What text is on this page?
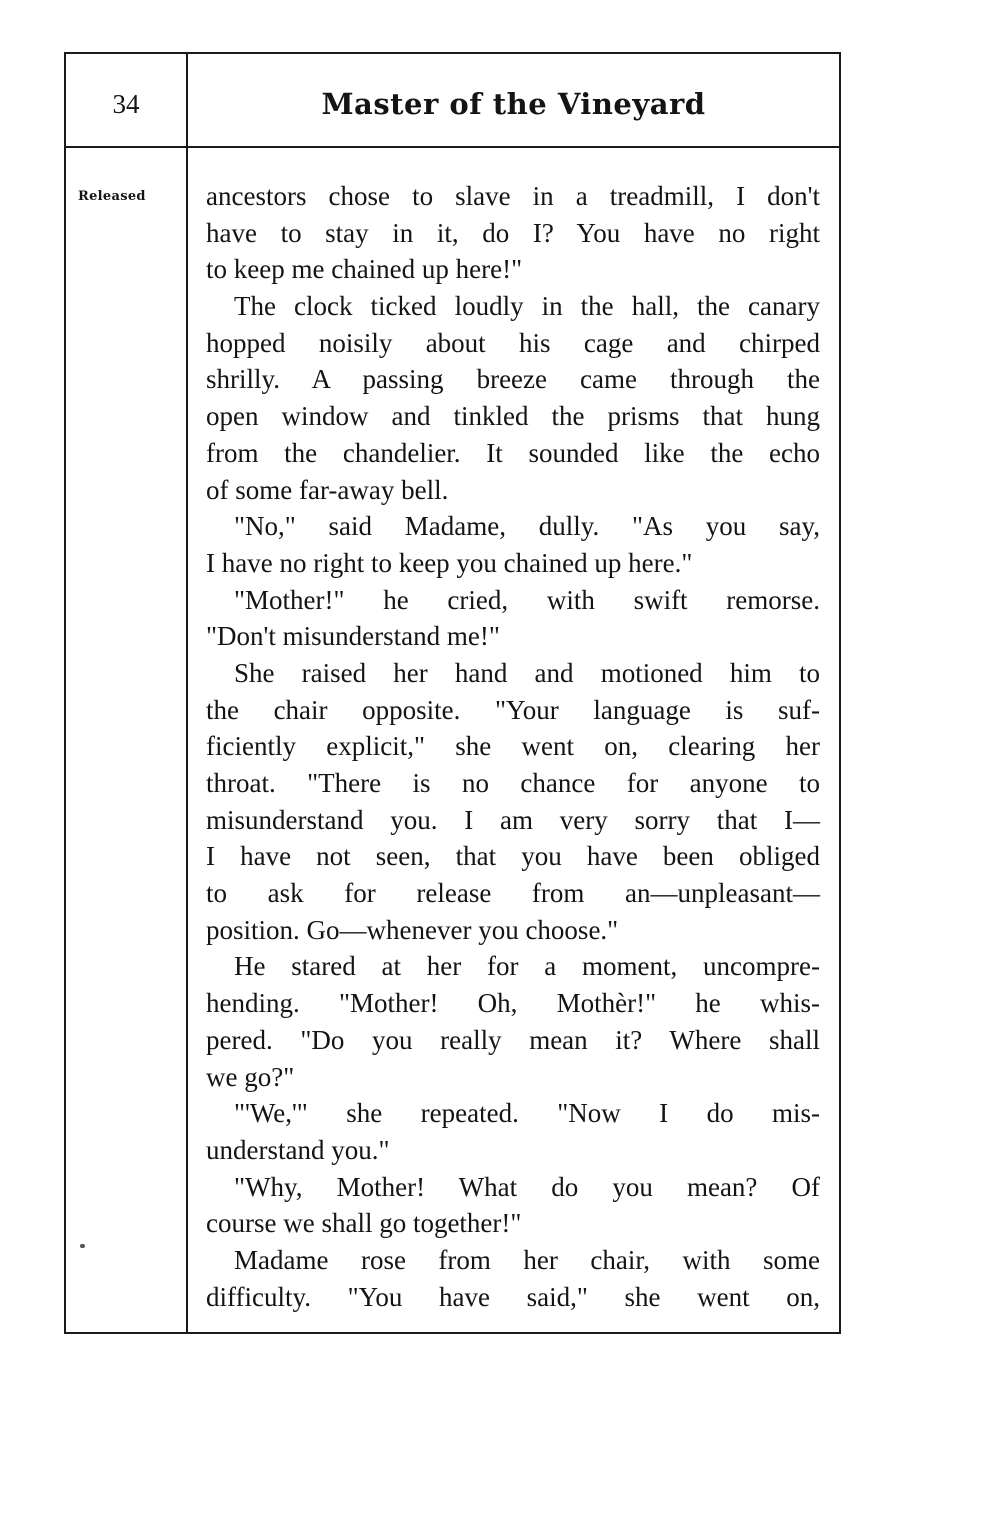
34	Master of the Vineyard
Released ancestors chose to slave in a treadmill, I don't
have to stay in it, do I? You have no right
to keep me chained up here!"
The clock ticked loudly in the hall, the canary
hopped noisily about his cage and chirped
shrilly. A passing breeze came through the
open window and tinkled the prisms that hung
from the chandelier. It sounded like the echo
of some far-away bell.
"No," said Madame, dully. "As you say,
I have no right to keep you chained up here."
"Mother!" he cried, with swift remorse.
"Don't misunderstand me!"
She raised her hand and motioned him to
the chair opposite. "Your language is suf-
ficiently explicit," she went on, clearing her
throat. "There is no chance for anyone to
misunderstand you. I am very sorry that I—
I have not seen, that you have been obliged
to ask for release from an—unpleasant—
position. Go—whenever you choose."
He stared at her for a moment, uncompre-
hending. "Mother! Oh, Mothèr!" he whis-
pered. "Do you really mean it? Where shall
we go?"
"'We,'" she repeated. "Now I do mis-
understand you."
"Why, Mother! What do you mean? Of
course we shall go together!"
Madame rose from her chair, with some
difficulty. "You have said," she went on,
